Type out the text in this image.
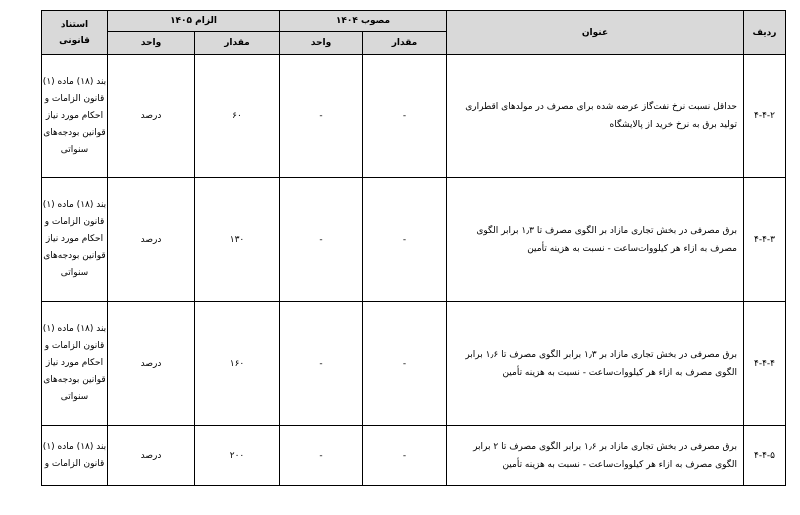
استناد قانونی	الزام ۱۴۰۵		مصوب ۱۴۰۴		عنوان	ردیف
	واحد	مقدار	واحد	مقدار		
بند (۱۸) ماده (۱) قانون الزامات و احکام مورد نیاز قوانین بودجه‌های سنواتی	درصد	۶۰	-	-	حداقل نسبت نرخ نفت‌گاز عرضه شده برای مصرف در مولدهای اقطراری تولید برق به نرخ خرید از پالایشگاه	۴-۴-۲
بند (۱۸) ماده (۱) قانون الزامات و احکام مورد نیاز قوانین بودجه‌های سنواتی	درصد	۱۳۰	-	-	برق مصرفی در بخش تجاری مازاد بر الگوی مصرف تا ۱٫۳ برابر الگوی مصرف به ازاء هر کیلووات‌ساعت - نسبت به هزینه تأمین	۴-۴-۳
بند (۱۸) ماده (۱) قانون الزامات و احکام مورد نیاز قوانین بودجه‌های سنواتی	درصد	۱۶۰	-	-	برق مصرفی در بخش تجاری مازاد بر ۱٫۳ برابر الگوی مصرف تا ۱٫۶ برابر الگوی مصرف به ازاء هر کیلووات‌ساعت - نسبت به هزینه تأمین	۴-۴-۴
بند (۱۸) ماده (۱) قانون الزامات و	درصد	۲۰۰	-	-	برق مصرفی در بخش تجاری مازاد بر ۱٫۶ برابر الگوی مصرف تا ۲ برابر الگوی مصرف به ازاء هر کیلووات‌ساعت - نسبت به هزینه تأمین	۴-۴-۵
